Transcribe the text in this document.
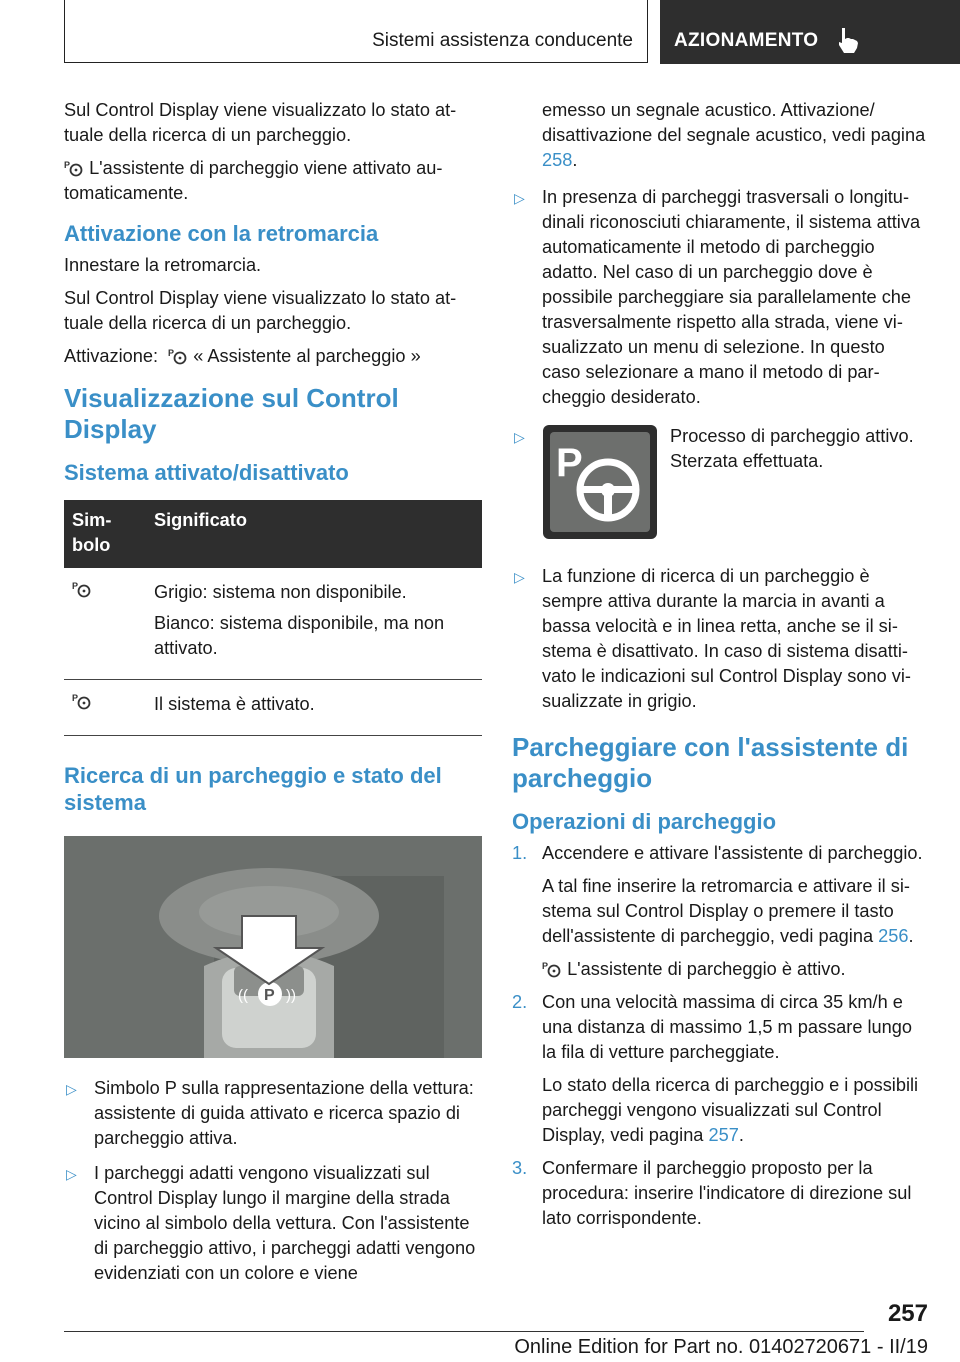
Sistemi assistenza conducente AZIONAMENTO

Sul Control Display viene visualizzato lo stato attuale della ricerca di un parcheggio.

P L'assistente di parcheggio viene attivato automaticamente.

Attivazione con la retromarcia

Innestare la retromarcia.

Sul Control Display viene visualizzato lo stato attuale della ricerca di un parcheggio.

Attivazione: P « Assistente al parcheggio »

Visualizzazione sul Control Display
Sistema attivato/disattivato
Simbolo	Significato

P	Grigio: sistema non disponibile.

Bianco: sistema disponibile, ma non attivato.

P	Il sistema è attivato.

Ricerca di un parcheggio e stato del sistema
P
((	))
▷ Simbolo P sulla rappresentazione della vettura: assistente di guida attivato e ricerca spazio di parcheggio attiva.
▷ I parcheggi adatti vengono visualizzati sul Control Display lungo il margine della strada vicino al simbolo della vettura. Con l'assistente di parcheggio attivo, i parcheggi adatti vengono evidenziati con un colore e viene

emesso un segnale acustico. Attivazione/ disattivazione del segnale acustico, vedi pagina 258.

▷ In presenza di parcheggi trasversali o longitudinali riconosciuti chiaramente, il sistema attiva automaticamente il metodo di parcheggio adatto. Nel caso di un parcheggio dove è possibile parcheggiare sia parallelamente che trasversalmente rispetto alla strada, viene visualizzato un menu di selezione. In questo caso selezionare a mano il metodo di parcheggio desiderato.
▷
P
Processo di parcheggio attivo. Sterzata effettuata.
▷ La funzione di ricerca di un parcheggio è sempre attiva durante la marcia in avanti a bassa velocità e in linea retta, anche se il sistema è disattivato. In caso di sistema disattivato le indicazioni sul Control Display sono visualizzate in grigio.
Parcheggiare con l'assistente di parcheggio
Operazioni di parcheggio
1. Accendere e attivare l'assistente di parcheggio.

A tal fine inserire la retromarcia e attivare il sistema sul Control Display o premere il tasto dell'assistente di parcheggio, vedi pagina 256.

P L'assistente di parcheggio è attivo.

2. Con una velocità massima di circa 35 km/h e una distanza di massimo 1,5 m passare lungo la fila di vetture parcheggiate.

Lo stato della ricerca di parcheggio e i possibili parcheggi vengono visualizzati sul Control Display, vedi pagina 257.

3. Confermare il parcheggio proposto per la procedura: inserire l'indicatore di direzione sul lato corrispondente.

257
Online Edition for Part no. 01402720671 - II/19
